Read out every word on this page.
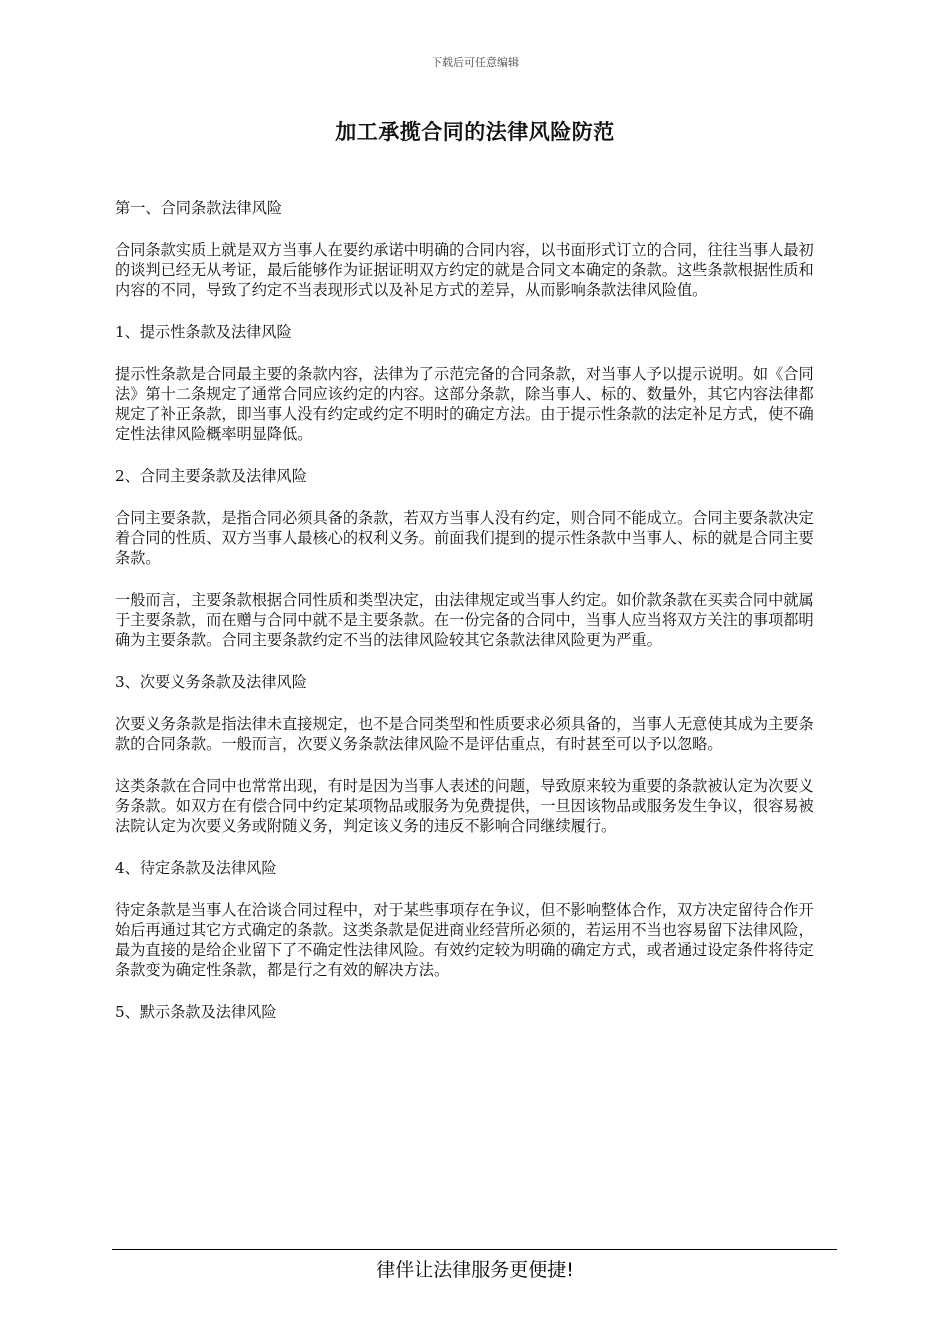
下载后可任意编辑
加工承揽合同的法律风险防范

第一、合同条款法律风险

合同条款实质上就是双方当事人在要约承诺中明确的合同内容，以书面形式订立的合同，往往当事人最初的谈判已经无从考证，最后能够作为证据证明双方约定的就是合同文本确定的条款。这些条款根据性质和内容的不同，导致了约定不当表现形式以及补足方式的差异，从而影响条款法律风险值。

1、提示性条款及法律风险

提示性条款是合同最主要的条款内容，法律为了示范完备的合同条款，对当事人予以提示说明。如《合同法》第十二条规定了通常合同应该约定的内容。这部分条款，除当事人、标的、数量外，其它内容法律都规定了补正条款，即当事人没有约定或约定不明时的确定方法。由于提示性条款的法定补足方式，使不确定性法律风险概率明显降低。

2、合同主要条款及法律风险

合同主要条款，是指合同必须具备的条款，若双方当事人没有约定，则合同不能成立。合同主要条款决定着合同的性质、双方当事人最核心的权利义务。前面我们提到的提示性条款中当事人、标的就是合同主要条款。

一般而言，主要条款根据合同性质和类型决定，由法律规定或当事人约定。如价款条款在买卖合同中就属于主要条款，而在赠与合同中就不是主要条款。在一份完备的合同中，当事人应当将双方关注的事项都明确为主要条款。合同主要条款约定不当的法律风险较其它条款法律风险更为严重。

3、次要义务条款及法律风险

次要义务条款是指法律未直接规定，也不是合同类型和性质要求必须具备的，当事人无意使其成为主要条款的合同条款。一般而言，次要义务条款法律风险不是评估重点，有时甚至可以予以忽略。

这类条款在合同中也常常出现，有时是因为当事人表述的问题，导致原来较为重要的条款被认定为次要义务条款。如双方在有偿合同中约定某项物品或服务为免费提供，一旦因该物品或服务发生争议，很容易被法院认定为次要义务或附随义务，判定该义务的违反不影响合同继续履行。

4、待定条款及法律风险

待定条款是当事人在洽谈合同过程中，对于某些事项存在争议，但不影响整体合作，双方决定留待合作开始后再通过其它方式确定的条款。这类条款是促进商业经营所必须的，若运用不当也容易留下法律风险，最为直接的是给企业留下了不确定性法律风险。有效约定较为明确的确定方式，或者通过设定条件将待定条款变为确定性条款，都是行之有效的解决方法。

5、默示条款及法律风险

律伴让法律服务更便捷!
